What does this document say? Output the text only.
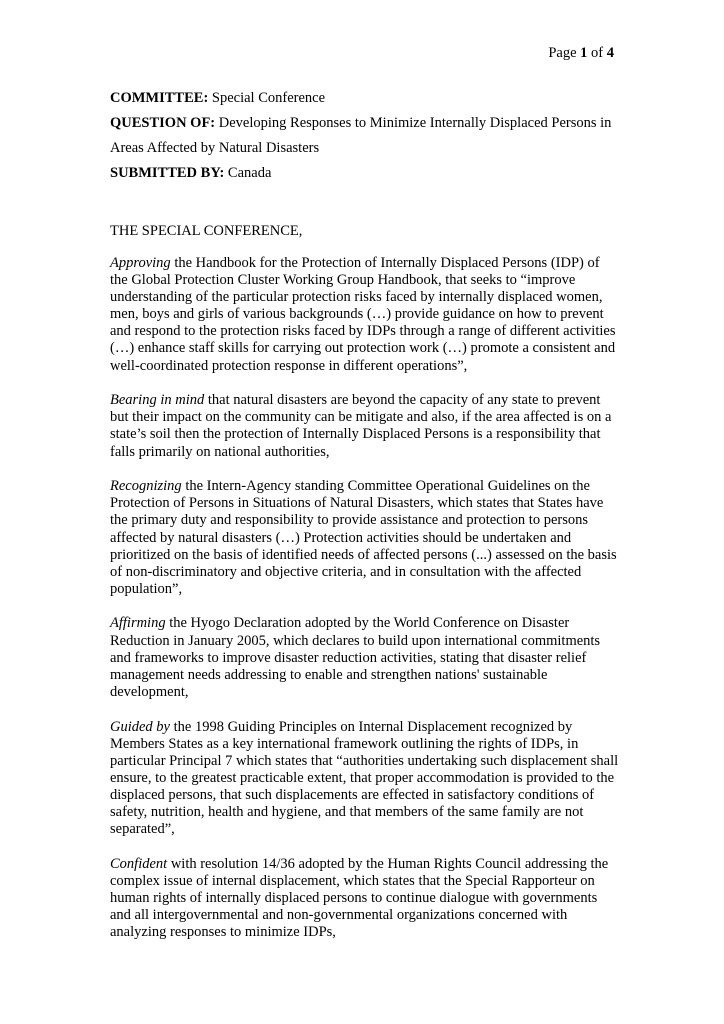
Page 1 of 4

COMMITTEE: Special Conference

QUESTION OF: Developing Responses to Minimize Internally Displaced Persons in Areas Affected by Natural Disasters

SUBMITTED BY: Canada

THE SPECIAL CONFERENCE,

Approving the Handbook for the Protection of Internally Displaced Persons (IDP) of the Global Protection Cluster Working Group Handbook, that seeks to “improve understanding of the particular protection risks faced by internally displaced women, men, boys and girls of various backgrounds (…) provide guidance on how to prevent and respond to the protection risks faced by IDPs through a range of different activities (…) enhance staff skills for carrying out protection work (…) promote a consistent and well-coordinated protection response in different operations”,

Bearing in mind that natural disasters are beyond the capacity of any state to prevent but their impact on the community can be mitigate and also, if the area affected is on a state’s soil then the protection of Internally Displaced Persons is a responsibility that falls primarily on national authorities,

Recognizing the Intern-Agency standing Committee Operational Guidelines on the Protection of Persons in Situations of Natural Disasters, which states that States have the primary duty and responsibility to provide assistance and protection to persons affected by natural disasters (…) Protection activities should be undertaken and prioritized on the basis of identified needs of affected persons (...) assessed on the basis of non-discriminatory and objective criteria, and in consultation with the affected population”,

Affirming the Hyogo Declaration adopted by the World Conference on Disaster Reduction in January 2005, which declares to build upon international commitments and frameworks to improve disaster reduction activities, stating that disaster relief management needs addressing to enable and strengthen nations' sustainable development,

Guided by the 1998 Guiding Principles on Internal Displacement recognized by Members States as a key international framework outlining the rights of IDPs, in particular Principal 7 which states that “authorities undertaking such displacement shall ensure, to the greatest practicable extent, that proper accommodation is provided to the displaced persons, that such displacements are effected in satisfactory conditions of safety, nutrition, health and hygiene, and that members of the same family are not separated”,

Confident with resolution 14/36 adopted by the Human Rights Council addressing the complex issue of internal displacement, which states that the Special Rapporteur on human rights of internally displaced persons to continue dialogue with governments and all intergovernmental and non-governmental organizations concerned with analyzing responses to minimize IDPs,
